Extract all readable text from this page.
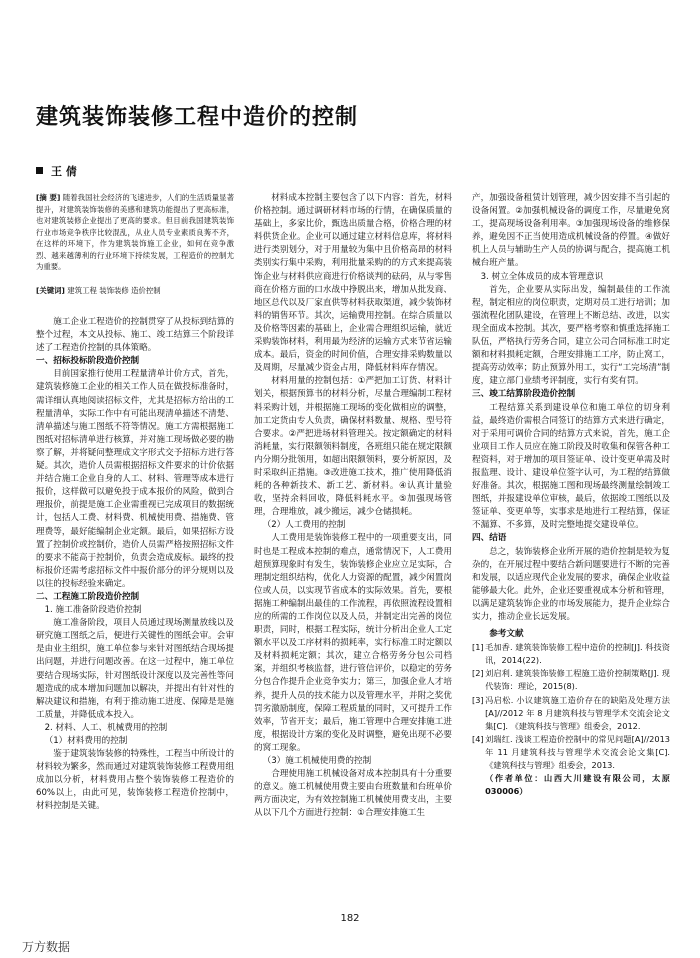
建筑装饰装修工程中造价的控制
王 倩

[摘 要] 随着我国社会经济的飞速进步，人们的生活质量显著提升，对建筑装饰装修的美感和建筑功能提出了更高标准，也对建筑装修企业提出了更高的要求。但目前我国建筑装饰行业市场竞争秩序比较混乱，从业人员专业素质良莠不齐，在这样的环境下，作为建筑装饰施工企业，如何在竞争激烈、越来越薄利的行业环境下持续发展，工程造价的控制尤为重要。

[关键词] 建筑工程 装饰装修 造价控制

施工企业工程造价的控制贯穿了从投标到结算的整个过程，本文从投标、施工、竣工结算三个阶段详述了工程造价控制的具体策略。

一、招标投标阶段造价控制

目前国家推行使用工程量清单计价方式，首先，建筑装修施工企业的相关工作人员在做投标准备时，需详细认真地阅读招标文件，尤其是招标方给出的工程量清单，实际工作中有可能出现清单描述不清楚、清单描述与施工图纸不符等情况。施工方需根据施工图纸对招标清单进行核算，并对施工现场做必要的勘察了解，并将疑问整理成文字形式交予招标方进行答疑。其次，造价人员需根据招标文件要求的计价依据并结合施工企业自身的人工、材料、管理等成本进行报价，这样做可以避免投于成本报价的风险，做到合理报价，前提是施工企业需重视已完成项目的数据统计，包括人工费、材料费、机械使用费、措施费、管理费等，最好能编制企业定额。最后，如果招标方设置了控制价或控制价，造价人员需严格按照招标文件的要求不能高于控制价，负责会造成废标。最终的投标报价还需考虑招标文件中报价部分的评分规则以及以往的投标经验来确定。

二、工程施工阶段造价控制

1. 施工准备阶段造价控制

施工准备阶段，项目人员通过现场测量放线以及研究施工图纸之后，便进行关键性的图纸会审。会审是由业主组织，施工单位参与来针对图纸结合现场提出问题，并进行问题改善。在这一过程中，施工单位要结合现场实际，针对图纸设计深度以及完善性等问题造成的成本增加问题加以解决，并提出有针对性的解决建议和措施，有利于推动施工进度、保障是是施工质量，并降低成本投入。

2. 材料、人工、机械费用的控制

（1）材料费用的控制

鉴于建筑装饰装修的特殊性，工程当中所设计的材料较为繁多，然而通过对建筑装饰装修工程费用组成加以分析，材料费用占整个装饰装修工程造价的 60%以上，由此可见，装饰装修工程造价控制中，材料控制是关键。

材料成本控制主要包含了以下内容：首先，材料价格控制。通过调研材料市场的行情，在确保质量的基础上，多家比价，甄选出质量合格，价格合理的材料供货企业。企业可以通过建立材料信息库，将材料进行类别划分，对于用量较为集中且价格高昂的材料类别实行集中采购，利用批量采购的的方式来提高装饰企业与材料供应商进行价格谈判的砝码，从与零售商在价格方面的口水战中挣脱出来，增加从批发商、地区总代以及厂家直供等材料获取渠道，减少装饰材料的销售环节。其次，运输费用控制。在综合质量以及价格等因素的基础上，企业需合理组织运输，就近采购装饰材料，利用最为经济的运输方式来节省运输成本。最后，资金的时间价值，合理安排采购数量以及周期，尽量减少资金占用，降低材料库存情况。

材料用量的控制包括：①严把加工订货、材料计划关，根据预算书的材料分析，尽量合理编制工程材料采购计划，并根据施工现场的变化做相应的调整，加工定货由专人负责，确保材料数量、规格、型号符合要求。②严把进场材料管理关。按定额确定的材料消耗量，实行限额领料制度，各班组只能在规定限额内分期分批领用，如超出限额领料，要分析原因，及时采取纠正措施。③改进施工技术，推广使用降低消耗的各种新技术、新工艺、新材料。④认真计量验收，坚持余料回收，降低料耗水平。⑤加强现场管理，合理堆放，减少搬运，减少仓储损耗。

（2）人工费用的控制

人工费用是装饰装修工程中的一项重要支出，同时也是工程成本控制的难点，通常情况下，人工费用超预算现象时有发生，装饰装修企业应立足实际，合理制定组织结构，优化人力资源的配置，减少闲置岗位或人员，以实现节省成本的实际效果。首先，要根据施工种编制出最佳的工作流程，再依照流程设置相应的所需的工作岗位以及人员，并制定出完善的岗位职责，同时，根据工程实际，统计分析出企业人工定额水平以及工序材料的损耗率，实行标准工时定额以及材料损耗定额；其次，建立合格劳务分包公司档案，并组织考核监督，进行管信评价，以稳定的劳务分包合作提升企业竞争实力；第三，加强企业人才培养，提升人员的技术能力以及管理水平，并附之奖优罚劣激励制度，保障工程质量的同时，又可提升工作效率，节省开支；最后，施工管理中合理安排施工进度，根据设计方案的变化及时调整，避免出现不必要的窝工现象。

（3）施工机械使用费的控制

合理使用施工机械设备对成本控制具有十分重要的意义。施工机械使用费主要由台班数量和台班单价两方面决定，为有效控制施工机械使用费支出，主要从以下几个方面进行控制：①合理安排施工生

产，加强设备租赁计划管理，减少因安排不当引起的设备闲置。②加强机械设备的调度工作，尽量避免窝工，提高现场设备利用率。③加强现场设备的维修保养，避免因不正当使用造成机械设备的停置。④做好机上人员与辅助生产人员的协调与配合，提高施工机械台班产量。

3. 树立全体成员的成本管理意识

首先，企业要从实际出发，编制最佳的工作流程，制定相应的岗位职责，定期对员工进行培训；加强流程化团队建设，在管理上不断总结、改进，以实现全面成本控制。其次，要严格考察和慎重选择施工队伍，严格执行劳务合同，建立公司合同标准工时定额和材料损耗定额，合理安排施工工序，防止窝工，提高劳动效率；防止预算外用工，实行“工完场清”制度，建立部门业绩考评制度，实行有奖有罚。

三、竣工结算阶段造价控制

工程结算关系到建设单位和施工单位的切身利益，最终造价需根合同签订的结算方式来进行确定，对于采用可调价合同的结算方式来说，首先，施工企业项目工作人员应在施工阶段及时收集和保管各种工程资料，对于增加的项目签证单、设计变更单需及时报监理、设计、建设单位签字认可，为工程的结算做好准备。其次，根据施工图和现场最终测量绘制竣工图纸，并报建设单位审核，最后，依据竣工图纸以及签证单、变更单等，实事求是地进行工程结算，保证不漏算、不多算，及时完整地提交建设单位。

四、结语

总之，装饰装修企业所开展的造价控制是较为复杂的，在开展过程中要结合新问题要进行不断的完善和发展，以适应现代企业发展的要求，确保企业收益能够最大化。此外，企业还要重视成本分析和管理，以满足建筑装饰企业的市场发展能力，提升企业综合实力，推动企业长远发展。

参考文献

[1] 毛加香. 建筑装饰装修工程中造价的控制[J]. 科技资讯，2014(22).

[2] 刘启利. 建筑装饰装修工程施工造价控制策略[J]. 现代装饰：理论，2015(8).

[3] 冯启松. 小议建筑施工造价存在的缺陷及处理方法[A]//2012 年 8 月建筑科技与管理学术交流会论文集[C]. 《建筑科技与管理》组委会，2012.

[4] 刘瑞红. 浅谈工程造价控制中的常见问题[A]//2013 年 11 月建筑科技与管理学术交流会论文集[C]. 《建筑科技与管理》组委会，2013.
（作者单位：山西大川建设有限公司，太原 030006）

182
万方数据
